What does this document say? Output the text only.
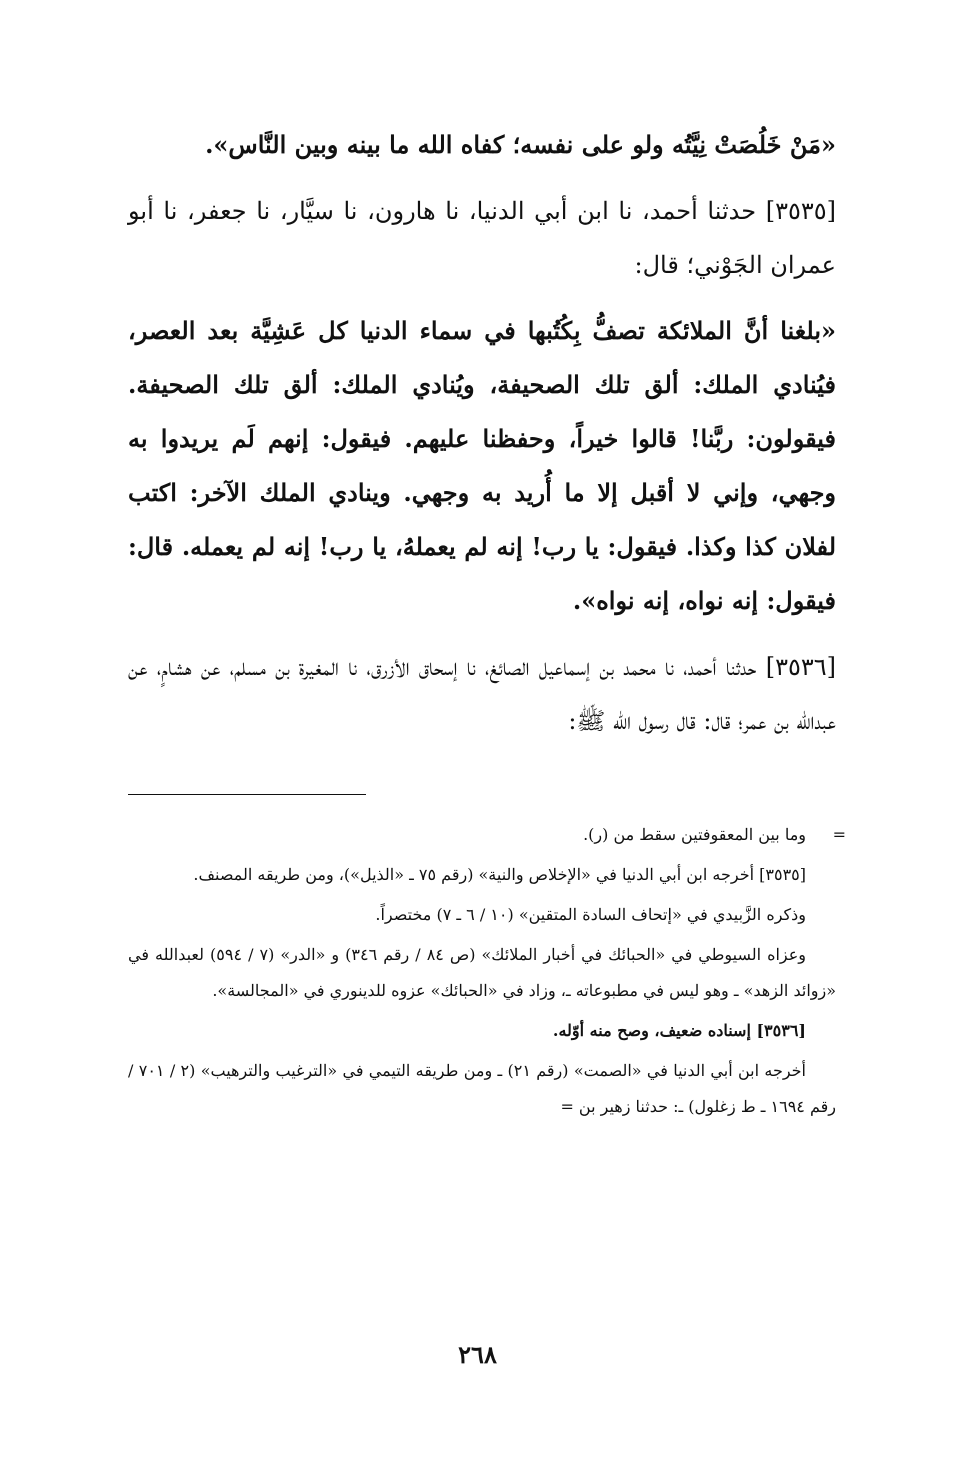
«مَنْ خَلُصَتْ نِيَّتُه ولو على نفسه؛ كفاه الله ما بينه وبين النَّاس».

[٣٥٣٥] حدثنا أحمد، نا ابن أبي الدنيا، نا هارون، نا سيَّار، نا جعفر، نا أبو عمران الجَوْني؛ قال:

«بلغنا أنَّ الملائكة تصفُّ بِكُتُبها في سماء الدنيا كل عَشِيَّة بعد العصر، فيُنادي الملك: ألق تلك الصحيفة، ويُنادي الملك: ألق تلك الصحيفة. فيقولون: ربَّنا! قالوا خيراً، وحفظنا عليهم. فيقول: إنهم لَم يريدوا به وجهي، وإني لا أقبل إلا ما أُريد به وجهي. وينادي الملك الآخر: اكتب لفلان كذا وكذا. فيقول: يا رب! إنه لم يعملهُ، يا رب! إنه لم يعمله. قال: فيقول: إنه نواه، إنه نواه».

[٣٥٣٦] حدثنا أحمد، نا محمد بن إسماعيل الصائغ، نا إسحاق الأزرق، نا المغيرة بن مسلم، عن هشامٍ، عن عبدالله بن عمر؛ قال: قال رسول الله ﷺ:

=
وما بين المعقوفتين سقط من (ر).

[٣٥٣٥] أخرجه ابن أبي الدنيا في «الإخلاص والنية» (رقم ٧٥ ـ «الذيل»)، ومن طريقه المصنف.

وذكره الزَّبيدي في «إتحاف السادة المتقين» (١٠ / ٦ ـ ٧) مختصراً.

وعزاه السيوطي في «الحبائك في أخبار الملائك» (ص ٨٤ / رقم ٣٤٦) و «الدر» (٧ / ٥٩٤) لعبدالله في «زوائد الزهد» ـ وهو ليس في مطبوعاته ـ، وزاد في «الحبائك» عزوه للدينوري في «المجالسة».

[٣٥٣٦] إسناده ضعيف، وصح منه أوّله.

أخرجه ابن أبي الدنيا في «الصمت» (رقم ٢١) ـ ومن طريقه التيمي في «الترغيب والترهيب» (٢ / ٧٠١ / رقم ١٦٩٤ ـ ط زغلول) ـ: حدثنا زهير بن =

٢٦٨
